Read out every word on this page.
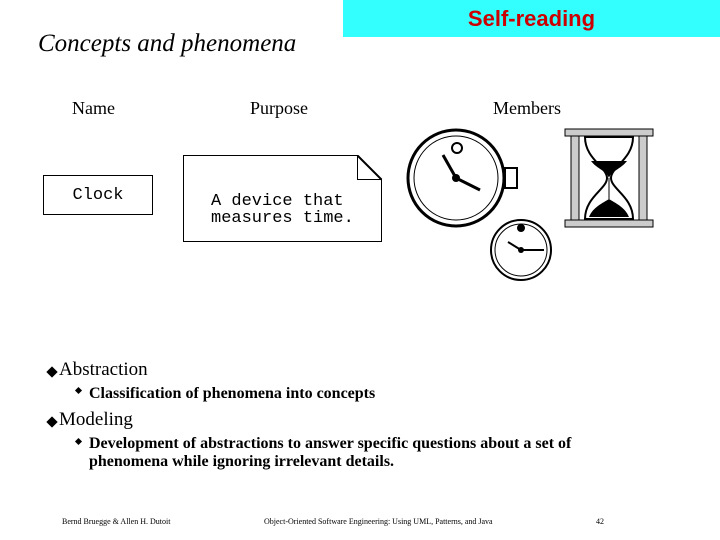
Concepts and phenomena
Self-reading
Name	Purpose	Members
Clock	A device that
measures time.
Abstraction
Classification of phenomena into concepts
Modeling
Development of abstractions to answer specific questions about a set of phenomena while ignoring irrelevant details.
Bernd Bruegge & Allen H. Dutoit	Object-Oriented Software Engineering: Using UML, Patterns, and Java	42
